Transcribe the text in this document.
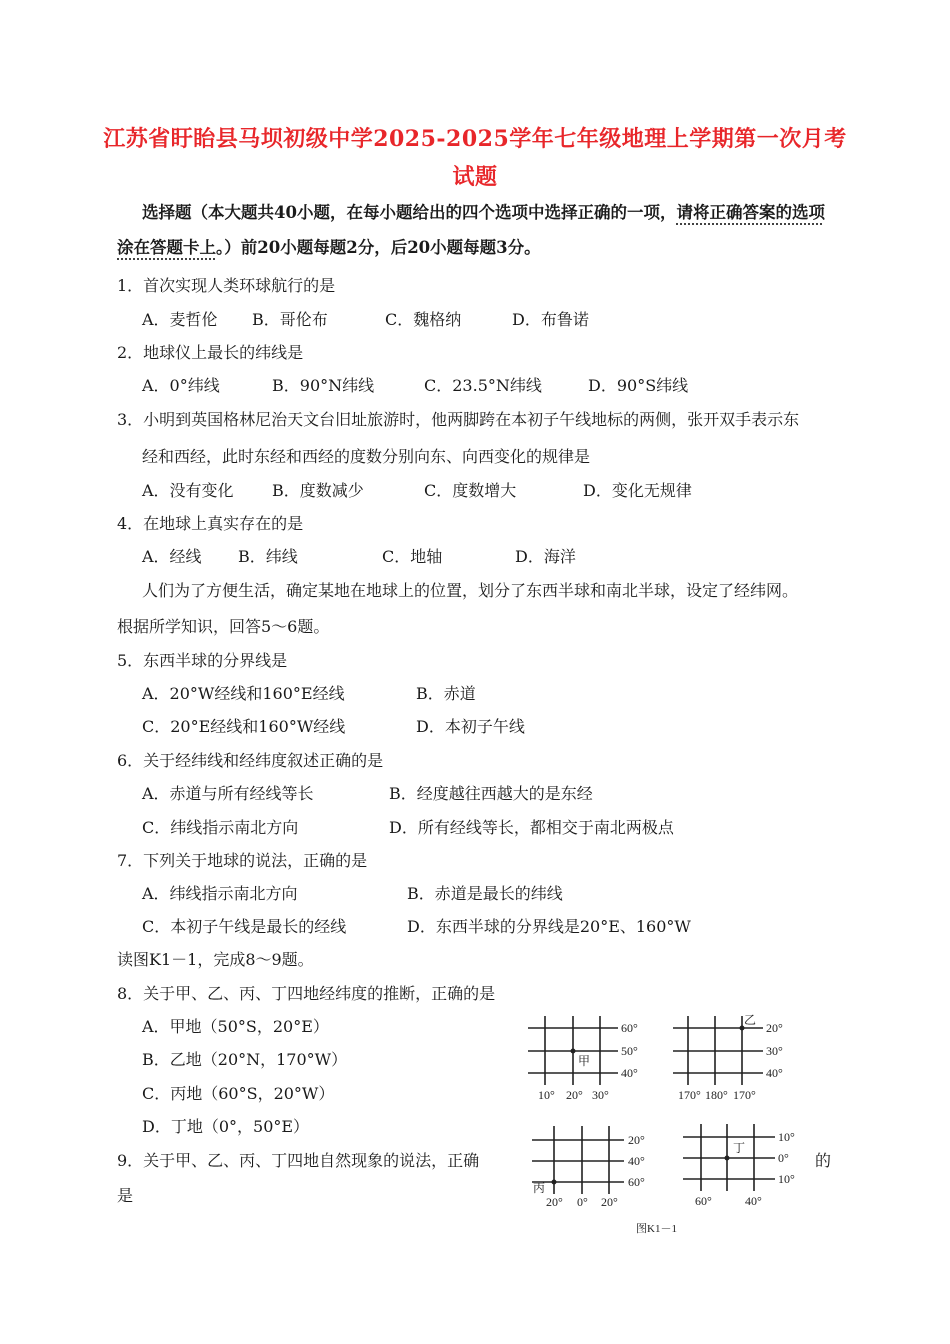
江苏省盱眙县马坝初级中学2025-2025学年七年级地理上学期第一次月考
试题
选择题（本大题共40小题，在每小题给出的四个选项中选择正确的一项，请将正确答案的选项
涂在答题卡上。）前20小题每题2分，后20小题每题3分。
1．首次实现人类环球航行的是
A．麦哲伦 B．哥伦布	C．魏格纳	D．布鲁诺
2．地球仪上最长的纬线是
A．0°纬线	B．90°N纬线	C．23.5°N纬线	D．90°S纬线
3．小明到英国格林尼治天文台旧址旅游时，他两脚跨在本初子午线地标的两侧，张开双手表示东
经和西经，此时东经和西经的度数分别向东、向西变化的规律是
A．没有变化 B．度数减少	C．度数增大	D．变化无规律
4．在地球上真实存在的是
A．经线 B．纬线	C．地轴	D．海洋
人们为了方便生活，确定某地在地球上的位置，划分了东西半球和南北半球，设定了经纬网。
根据所学知识，回答5～6题。
5．东西半球的分界线是
A．20°W经线和160°E经线	B．赤道
C．20°E经线和160°W经线	D．本初子午线
6．关于经纬线和经纬度叙述正确的是
A．赤道与所有经线等长	B．经度越往西越大的是东经
C．纬线指示南北方向	D．所有经线等长，都相交于南北两极点
7．下列关于地球的说法，正确的是
A．纬线指示南北方向	B．赤道是最长的纬线
C．本初子午线是最长的经线	D．东西半球的分界线是20°E、160°W
读图K1－1，完成8～9题。
8．关于甲、乙、丙、丁四地经纬度的推断，正确的是
A．甲地（50°S，20°E）
B．乙地（20°N，170°W）
C．丙地（60°S，20°W）
D．丁地（0°，50°E）
9．关于甲、乙、丙、丁四地自然现象的说法，正确	的
是
60°
50°
40°
10° 20° 30°
甲
乙
20°
30°
40°
170° 180° 170°
丙
20°
40°
60°
20° 0° 20°
丁
10°
0°
10°
60°	40°
图K1－1
